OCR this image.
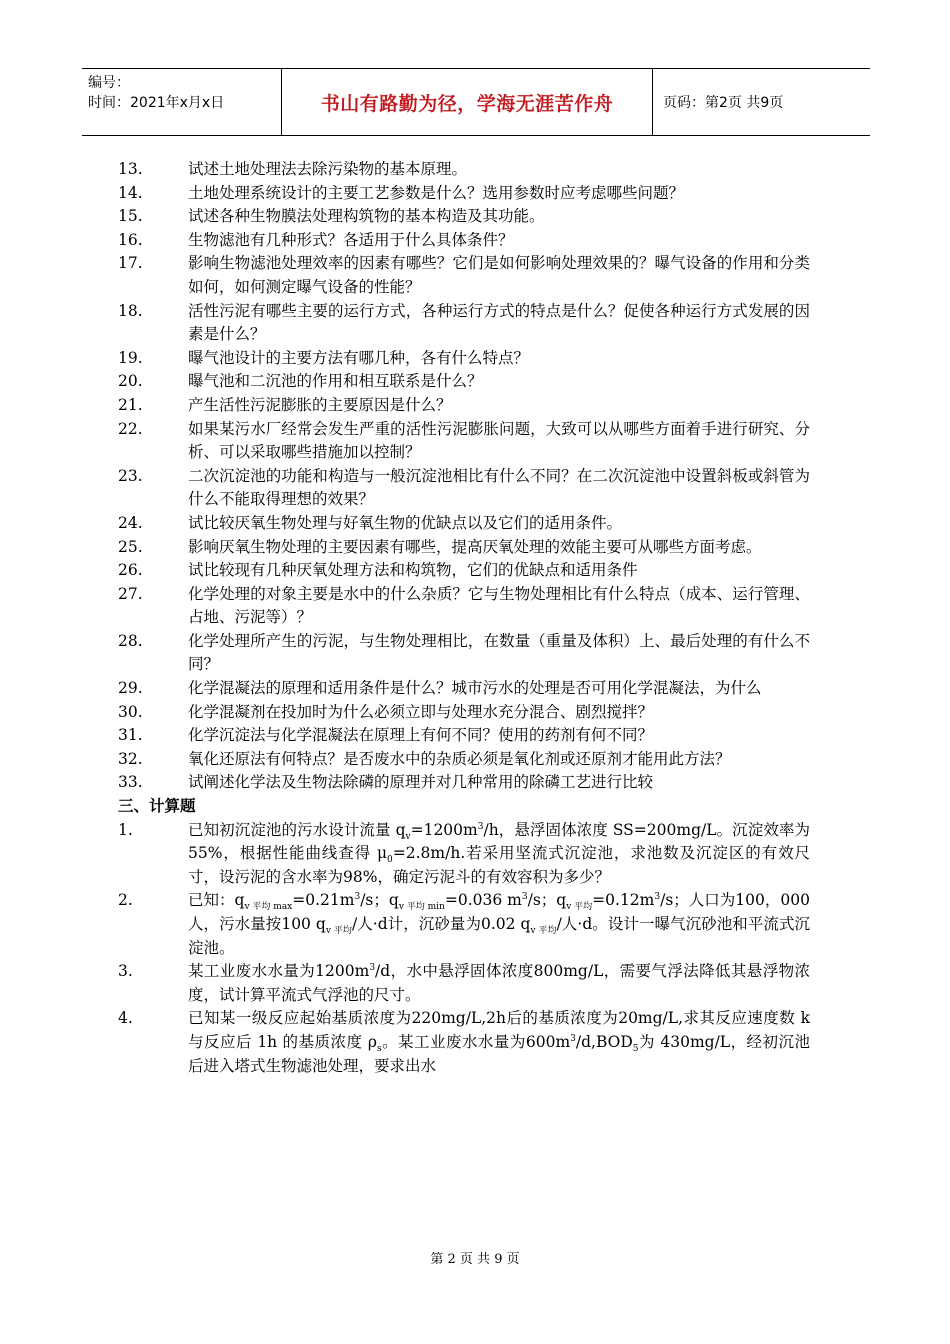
编号：
时间：2021年x月x日	书山有路勤为径，学海无涯苦作舟	页码：第2页 共9页
13.	试述土地处理法去除污染物的基本原理。
14.	土地处理系统设计的主要工艺参数是什么？选用参数时应考虑哪些问题？
15.	试述各种生物膜法处理构筑物的基本构造及其功能。
16.	生物滤池有几种形式？各适用于什么具体条件？
17.	影响生物滤池处理效率的因素有哪些？它们是如何影响处理效果的？曝气设备的作用和分类如何，如何测定曝气设备的性能？
18.	活性污泥有哪些主要的运行方式，各种运行方式的特点是什么？促使各种运行方式发展的因素是什么？
19.	曝气池设计的主要方法有哪几种，各有什么特点？
20.	曝气池和二沉池的作用和相互联系是什么？
21.	产生活性污泥膨胀的主要原因是什么？
22.	如果某污水厂经常会发生严重的活性污泥膨胀问题，大致可以从哪些方面着手进行研究、分析、可以采取哪些措施加以控制？
23.	二次沉淀池的功能和构造与一般沉淀池相比有什么不同？在二次沉淀池中设置斜板或斜管为什么不能取得理想的效果？
24.	试比较厌氧生物处理与好氧生物的优缺点以及它们的适用条件。
25.	影响厌氧生物处理的主要因素有哪些，提高厌氧处理的效能主要可从哪些方面考虑。
26.	试比较现有几种厌氧处理方法和构筑物，它们的优缺点和适用条件
27.	化学处理的对象主要是水中的什么杂质？它与生物处理相比有什么特点（成本、运行管理、占地、污泥等）？
28.	化学处理所产生的污泥，与生物处理相比，在数量（重量及体积）上、最后处理的有什么不同？
29.	化学混凝法的原理和适用条件是什么？城市污水的处理是否可用化学混凝法，为什么
30.	化学混凝剂在投加时为什么必须立即与处理水充分混合、剧烈搅拌？
31.	化学沉淀法与化学混凝法在原理上有何不同？使用的药剂有何不同？
32.	氧化还原法有何特点？是否废水中的杂质必须是氧化剂或还原剂才能用此方法？
33.	试阐述化学法及生物法除磷的原理并对几种常用的除磷工艺进行比较
三、计算题
1.	已知初沉淀池的污水设计流量 $q_v=1200m^3/h$，悬浮固体浓度 SS=200mg/L。沉淀效率为55%，根据性能曲线查得 $\mu_0=2.8m/h$.若采用坚流式沉淀池，求池数及沉淀区的有效尺寸，设污泥的含水率为98%，确定污泥斗的有效容积为多少？
2.	已知：$q_{v 平均 max}=0.21m^3/s$；$q_{v 平均 min}=0.036$ $m^3/s$；$q_{v 平均}=0.12m^3/s$；人口为100，000人，污水量按100 $q_{v 平均}/$人·d计，沉砂量为0.02 $q_{v 平均}/$人·d。设计一曝气沉砂池和平流式沉淀池。
3.	某工业废水水量为$1200m^3/d$，水中悬浮固体浓度800mg/L，需要气浮法降低其悬浮物浓度，试计算平流式气浮池的尺寸。
4.	已知某一级反应起始基质浓度为220mg/L,2h后的基质浓度为20mg/L,求其反应速度数 k 与反应后 1h 的基质浓度 $\rho_s$。某工业废水水量为$600m^3/d,BOD_5$为 430mg/L，经初沉池后进入塔式生物滤池处理，要求出水
第 2 页 共 9 页
